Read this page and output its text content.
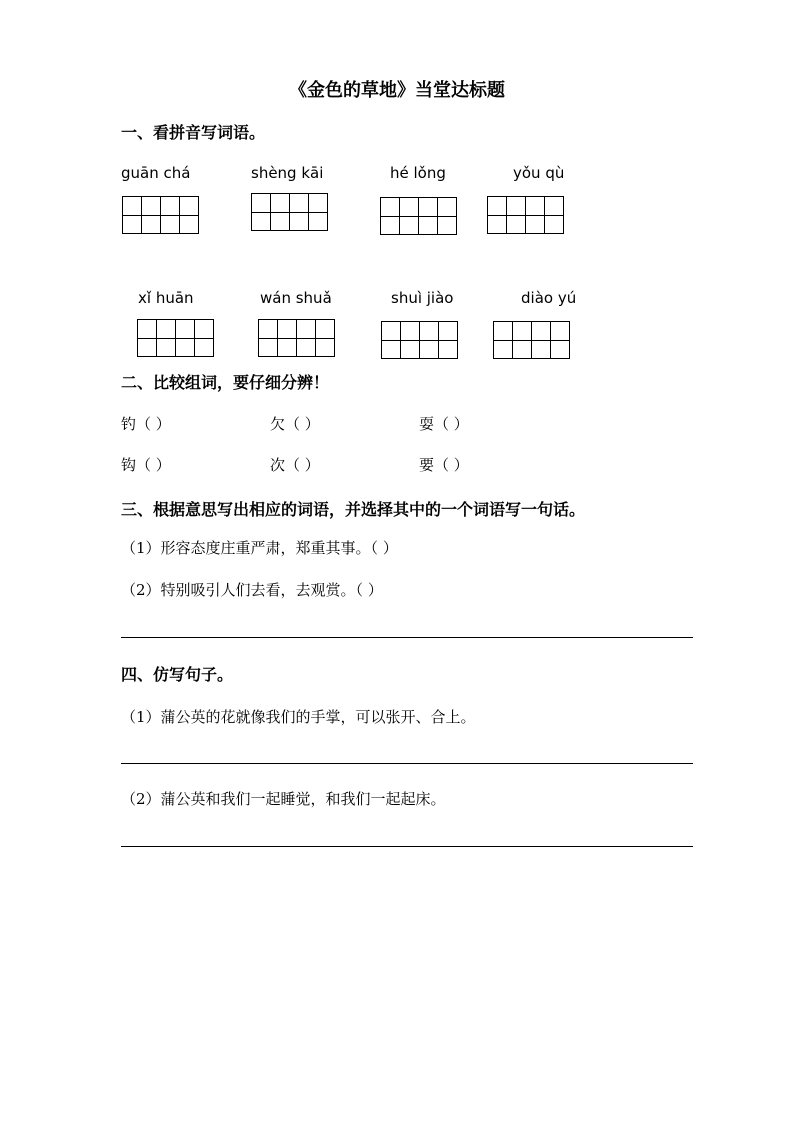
《金色的草地》当堂达标题
一、看拼音写词语。
guān chá	shèng kāi	hé lǒng	yǒu qù
xǐ huān	wán shuǎ	shuì jiào	diào yú
二、比较组词，要仔细分辨！
钓（ ）	欠（ ）	耍（ ）
钩（ ）	次（ ）	要（ ）
三、根据意思写出相应的词语，并选择其中的一个词语写一句话。
（1）形容态度庄重严肃，郑重其事。（ ）
（2）特别吸引人们去看，去观赏。（ ）
四、仿写句子。
（1）蒲公英的花就像我们的手掌，可以张开、合上。
（2）蒲公英和我们一起睡觉，和我们一起起床。
